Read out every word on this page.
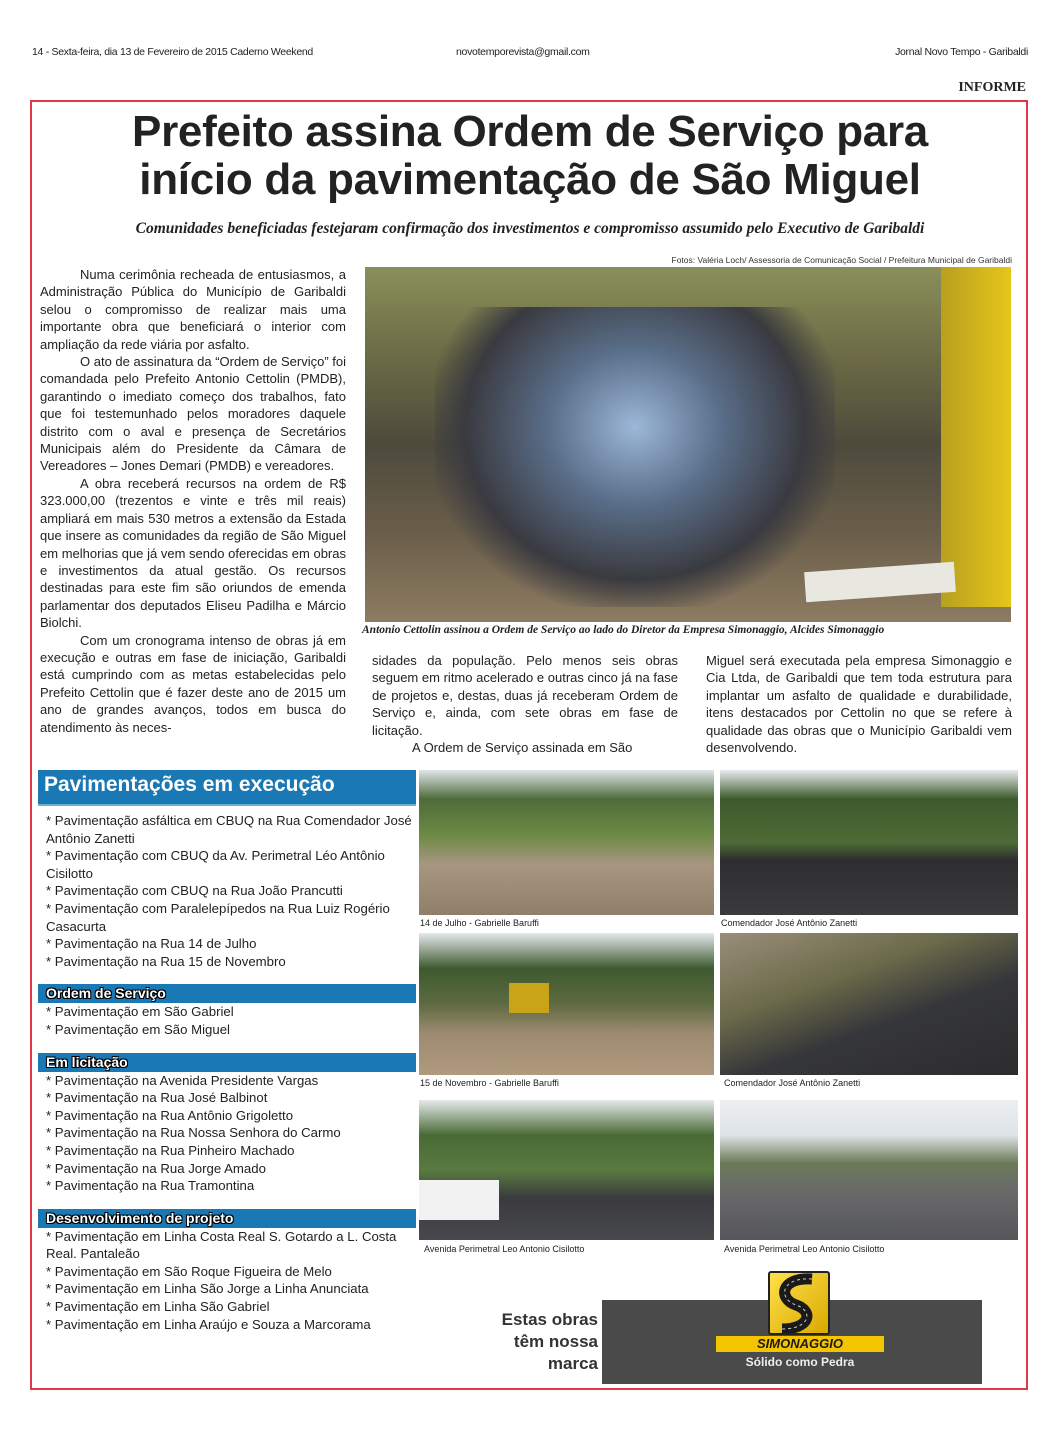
14 - Sexta-feira, dia 13 de Fevereiro de 2015 Caderno Weekend	novotemporevista@gmail.com	Jornal Novo Tempo - Garibaldi
INFORME
Prefeito assina Ordem de Serviço para
início da pavimentação de São Miguel
Comunidades beneficiadas festejaram confirmação dos investimentos e compromisso assumido pelo Executivo de Garibaldi
Fotos: Valéria Loch/ Assessoria de Comunicação Social / Prefeitura Municipal de Garibaldi

Numa cerimônia recheada de entusiasmos, a Administração Pública do Município de Garibaldi selou o compromisso de realizar mais uma importante obra que beneficiará o interior com ampliação da rede viária por asfalto.

O ato de assinatura da “Ordem de Serviço” foi comandada pelo Prefeito Antonio Cettolin (PMDB), garantindo o imediato começo dos trabalhos, fato que foi testemunhado pelos moradores daquele distrito com o aval e presença de Secretários Municipais além do Presidente da Câmara de Vereadores – Jones Demari (PMDB) e vereadores.

A obra receberá recursos na ordem de R$ 323.000,00 (trezentos e vinte e três mil reais) ampliará em mais 530 metros a extensão da Estada que insere as comunidades da região de São Miguel em melhorias que já vem sendo oferecidas em obras e investimentos da atual gestão. Os recursos destinadas para este fim são oriundos de emenda parlamentar dos deputados Eliseu Padilha e Márcio Biolchi.

Com um cronograma intenso de obras já em execução e outras em fase de iniciação, Garibaldi está cumprindo com as metas estabelecidas pelo Prefeito Cettolin que é fazer deste ano de 2015 um ano de grandes avanços, todos em busca do atendimento às neces-

Antonio Cettolin assinou a Ordem de Serviço ao lado do Diretor da Empresa Simonaggio, Alcides Simonaggio
sidades da população. Pelo menos seis obras seguem em ritmo acelerado e outras cinco já na fase de projetos e, destas, duas já receberam Ordem de Serviço e, ainda, com sete obras em fase de licitação.

A Ordem de Serviço assinada em São

Miguel será executada pela empresa Simonaggio e Cia Ltda, de Garibaldi que tem toda estrutura para implantar um asfalto de qualidade e durabilidade, itens destacados por Cettolin no que se refere à qualidade das obras que o Município Garibaldi vem desenvolvendo.
Pavimentações em execução
* Pavimentação asfáltica em CBUQ na Rua Comendador José Antônio Zanetti
* Pavimentação com CBUQ da Av. Perimetral Léo Antônio Cisilotto
* Pavimentação com CBUQ na Rua João Prancutti
* Pavimentação com Paralelepípedos na Rua Luiz Rogério Casacurta
* Pavimentação na Rua 14 de Julho
* Pavimentação na Rua 15 de Novembro
Ordem de Serviço
* Pavimentação em São Gabriel
* Pavimentação em São Miguel
Em licitação
* Pavimentação na Avenida Presidente Vargas
* Pavimentação na Rua José Balbinot
* Pavimentação na Rua Antônio Grigoletto
* Pavimentação na Rua Nossa Senhora do Carmo
* Pavimentação na Rua Pinheiro Machado
* Pavimentação na Rua Jorge Amado
* Pavimentação na Rua Tramontina
Desenvolvimento de projeto
* Pavimentação em Linha Costa Real S. Gotardo a L. Costa Real. Pantaleão
* Pavimentação em São Roque Figueira de Melo
* Pavimentação em Linha São Jorge a Linha Anunciata
* Pavimentação em Linha São Gabriel
* Pavimentação em Linha Araújo e Souza a Marcorama
14 de Julho - Gabrielle Baruffi	Comendador José Antônio Zanetti
15 de Novembro - Gabrielle Baruffi	Comendador José Antônio Zanetti
Avenida Perimetral Leo Antonio Cisilotto	Avenida Perimetral Leo Antonio Cisilotto
Estas obras
têm nossa
marca
SIMONAGGIO
Sólido como Pedra
